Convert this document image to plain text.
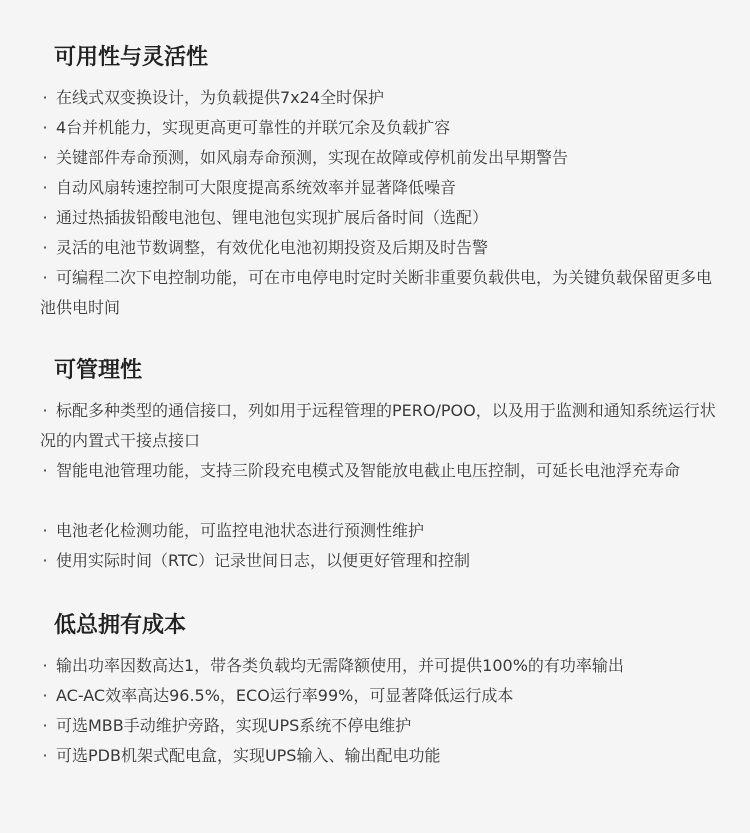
可用性与灵活性

· 在线式双变换设计，为负载提供7x24全时保护

· 4台并机能力，实现更高更可靠性的并联冗余及负载扩容

· 关键部件寿命预测，如风扇寿命预测，实现在故障或停机前发出早期警告

· 自动风扇转速控制可大限度提高系统效率并显著降低噪音

· 通过热插拔铅酸电池包、锂电池包实现扩展后备时间（选配）

· 灵活的电池节数调整，有效优化电池初期投资及后期及时告警

· 可编程二次下电控制功能，可在市电停电时定时关断非重要负载供电，为关键负载保留更多电池供电时间

可管理性

· 标配多种类型的通信接口，列如用于远程管理的PERO/POO，以及用于监测和通知系统运行状况的内置式干接点接口

· 智能电池管理功能，支持三阶段充电模式及智能放电截止电压控制，可延长电池浮充寿命

· 电池老化检测功能，可监控电池状态进行预测性维护

· 使用实际时间（RTC）记录世间日志，以便更好管理和控制

低总拥有成本

· 输出功率因数高达1，带各类负载均无需降额使用，并可提供100%的有功率输出

· AC-AC效率高达96.5%，ECO运行率99%，可显著降低运行成本

· 可选MBB手动维护旁路，实现UPS系统不停电维护

· 可选PDB机架式配电盒，实现UPS输入、输出配电功能
